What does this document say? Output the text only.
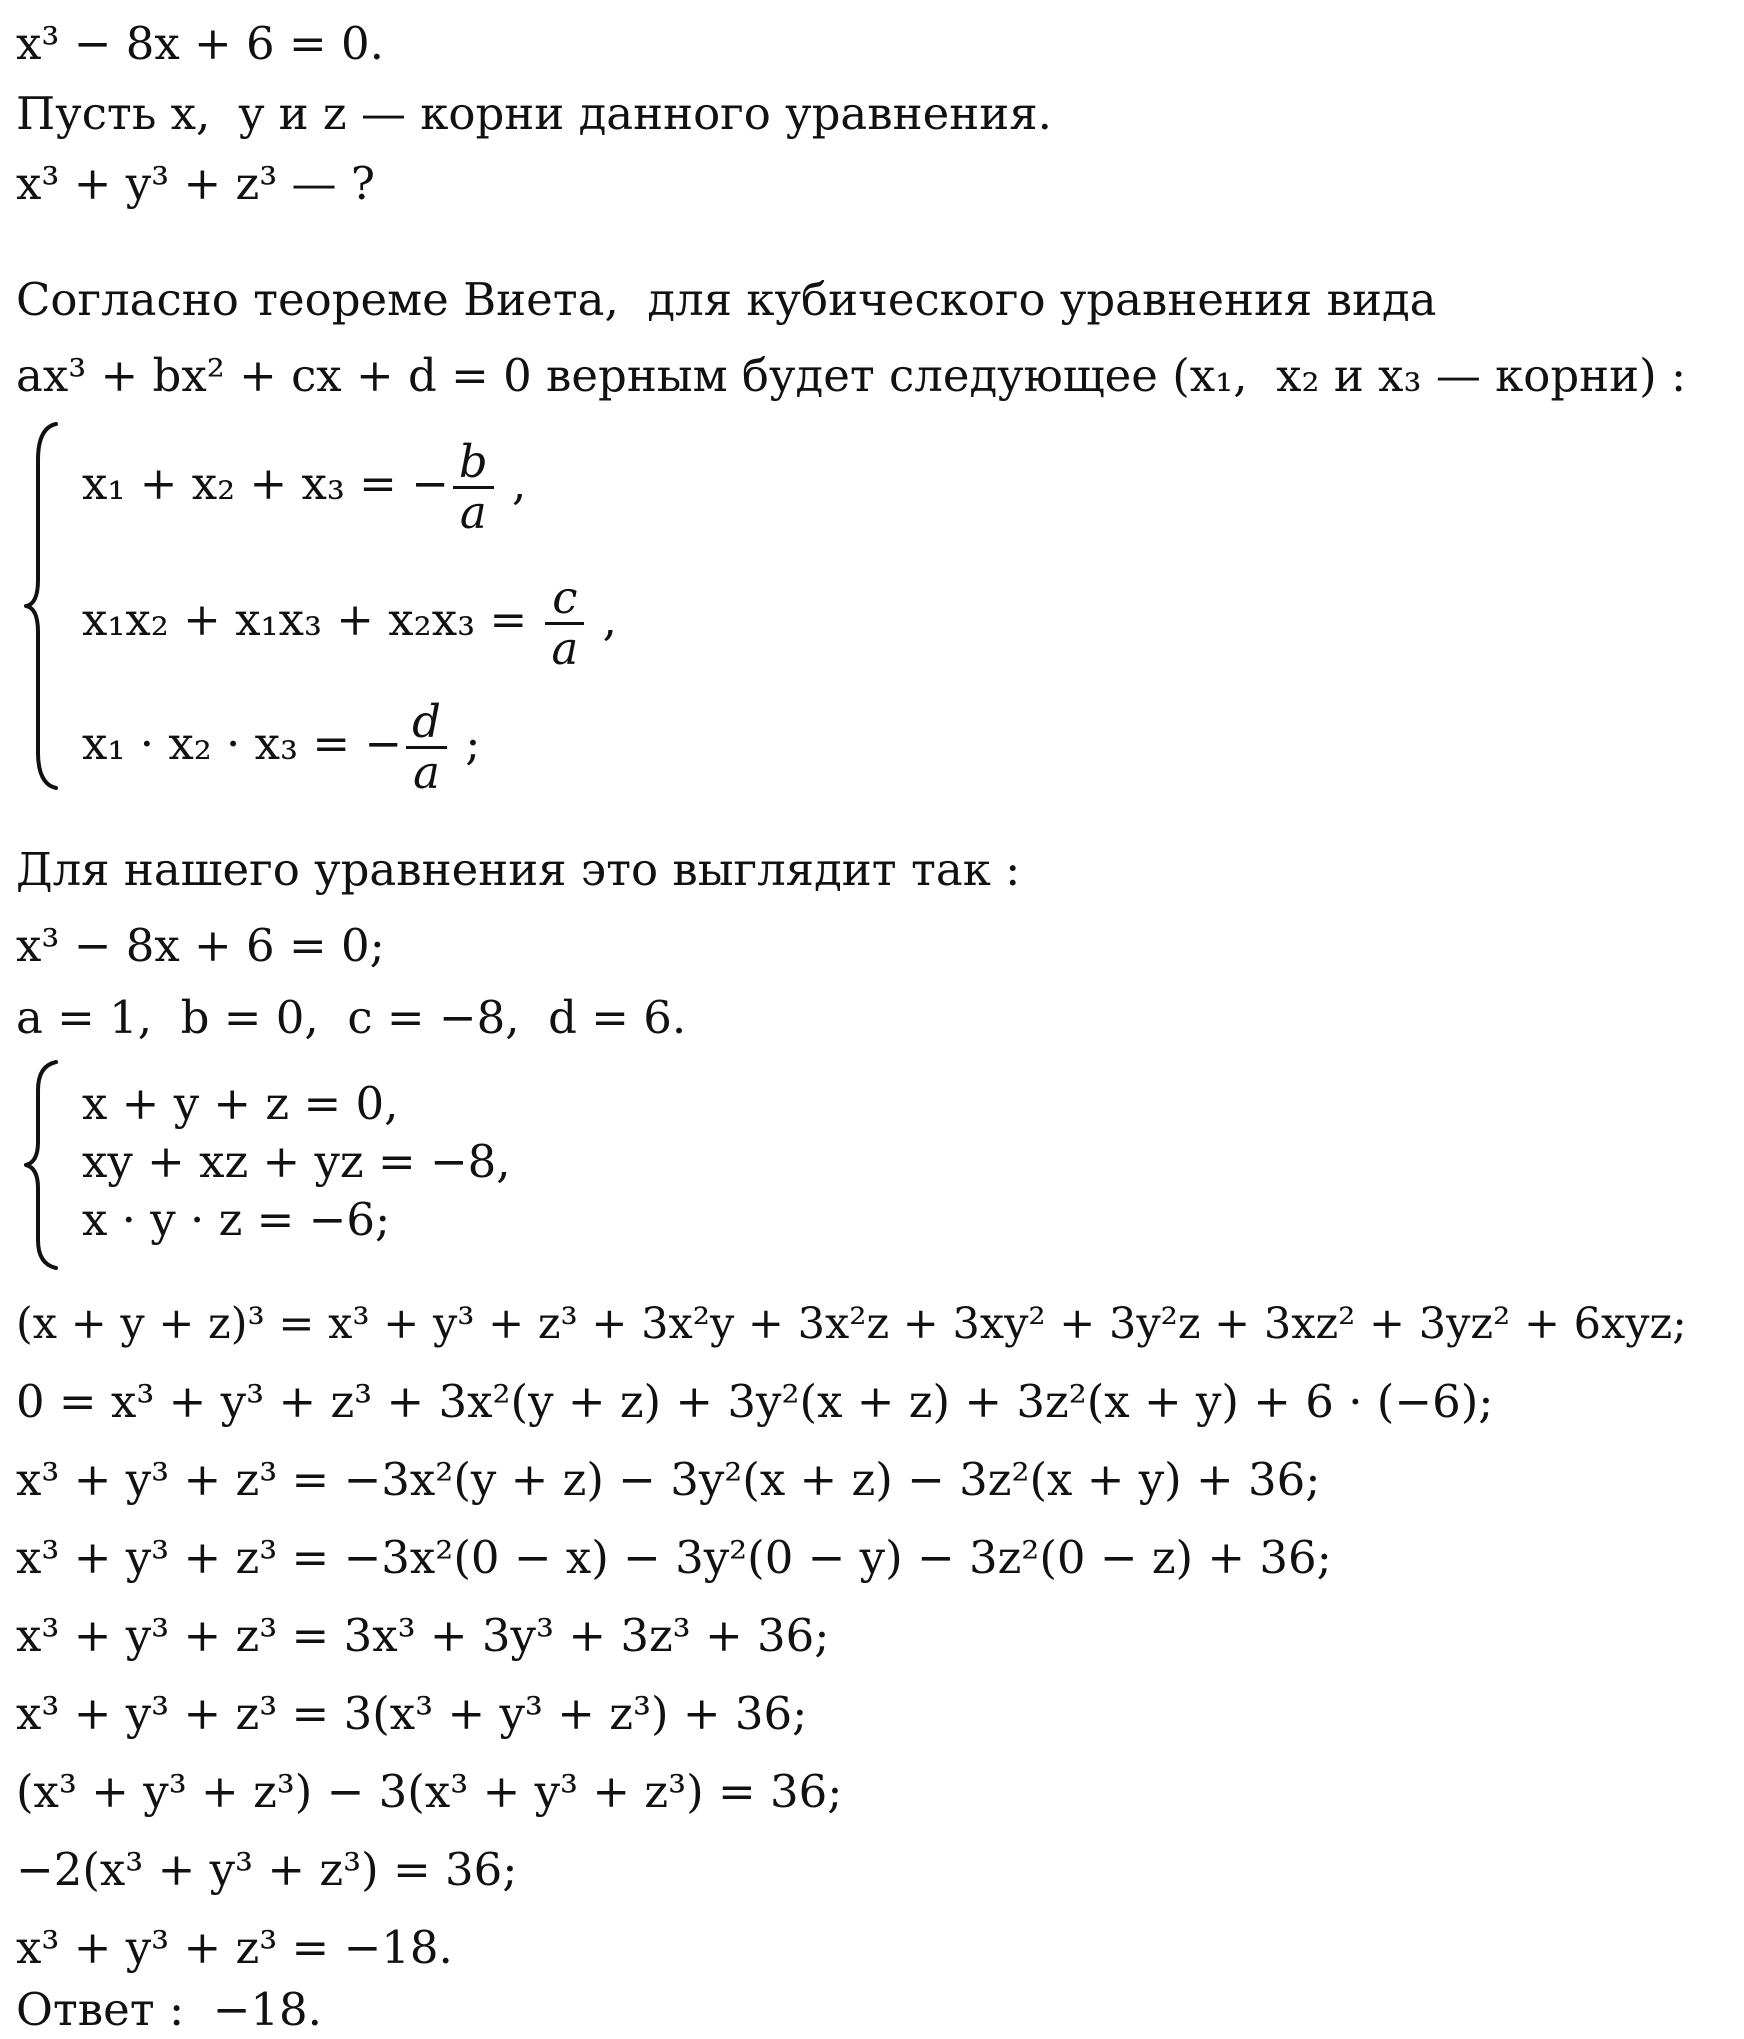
x³ − 8x + 6 = 0.
Пусть x,  y и z — корни данного уравнения.
x³ + y³ + z³ — ?
Согласно теореме Виета,  для кубического уравнения вида
ax³ + bx² + cx + d = 0 верным будет следующее (x₁,  x₂ и x₃ — корни) :
x₁ + x₂ + x₃ = − $\frac{b}{a}$ ,
$x_1x_2 + x_1x_3 + x_2x_3 = \frac{c}{a}$ ,
x₁ · x₂ · x₃ = − $\frac{d}{a}$ ;
Для нашего уравнения это выглядит так :
x³ − 8x + 6 = 0;
a = 1,  b = 0,  c = −8,  d = 6.
x + y + z = 0,
xy + xz + yz = −8,
x · y · z = −6;
(x + y + z)³ = x³ + y³ + z³ + 3x²y + 3x²z + 3xy² + 3y²z + 3xz² + 3yz² + 6xyz;
0 = x³ + y³ + z³ + 3x²(y + z) + 3y²(x + z) + 3z²(x + y) + 6 · (−6);
x³ + y³ + z³ = −3x²(y + z) − 3y²(x + z) − 3z²(x + y) + 36;
x³ + y³ + z³ = −3x²(0 − x) − 3y²(0 − y) − 3z²(0 − z) + 36;
x³ + y³ + z³ = 3x³ + 3y³ + 3z³ + 36;
x³ + y³ + z³ = 3(x³ + y³ + z³) + 36;
(x³ + y³ + z³) − 3(x³ + y³ + z³) = 36;
−2(x³ + y³ + z³) = 36;
x³ + y³ + z³ = −18.
Ответ :  −18.
